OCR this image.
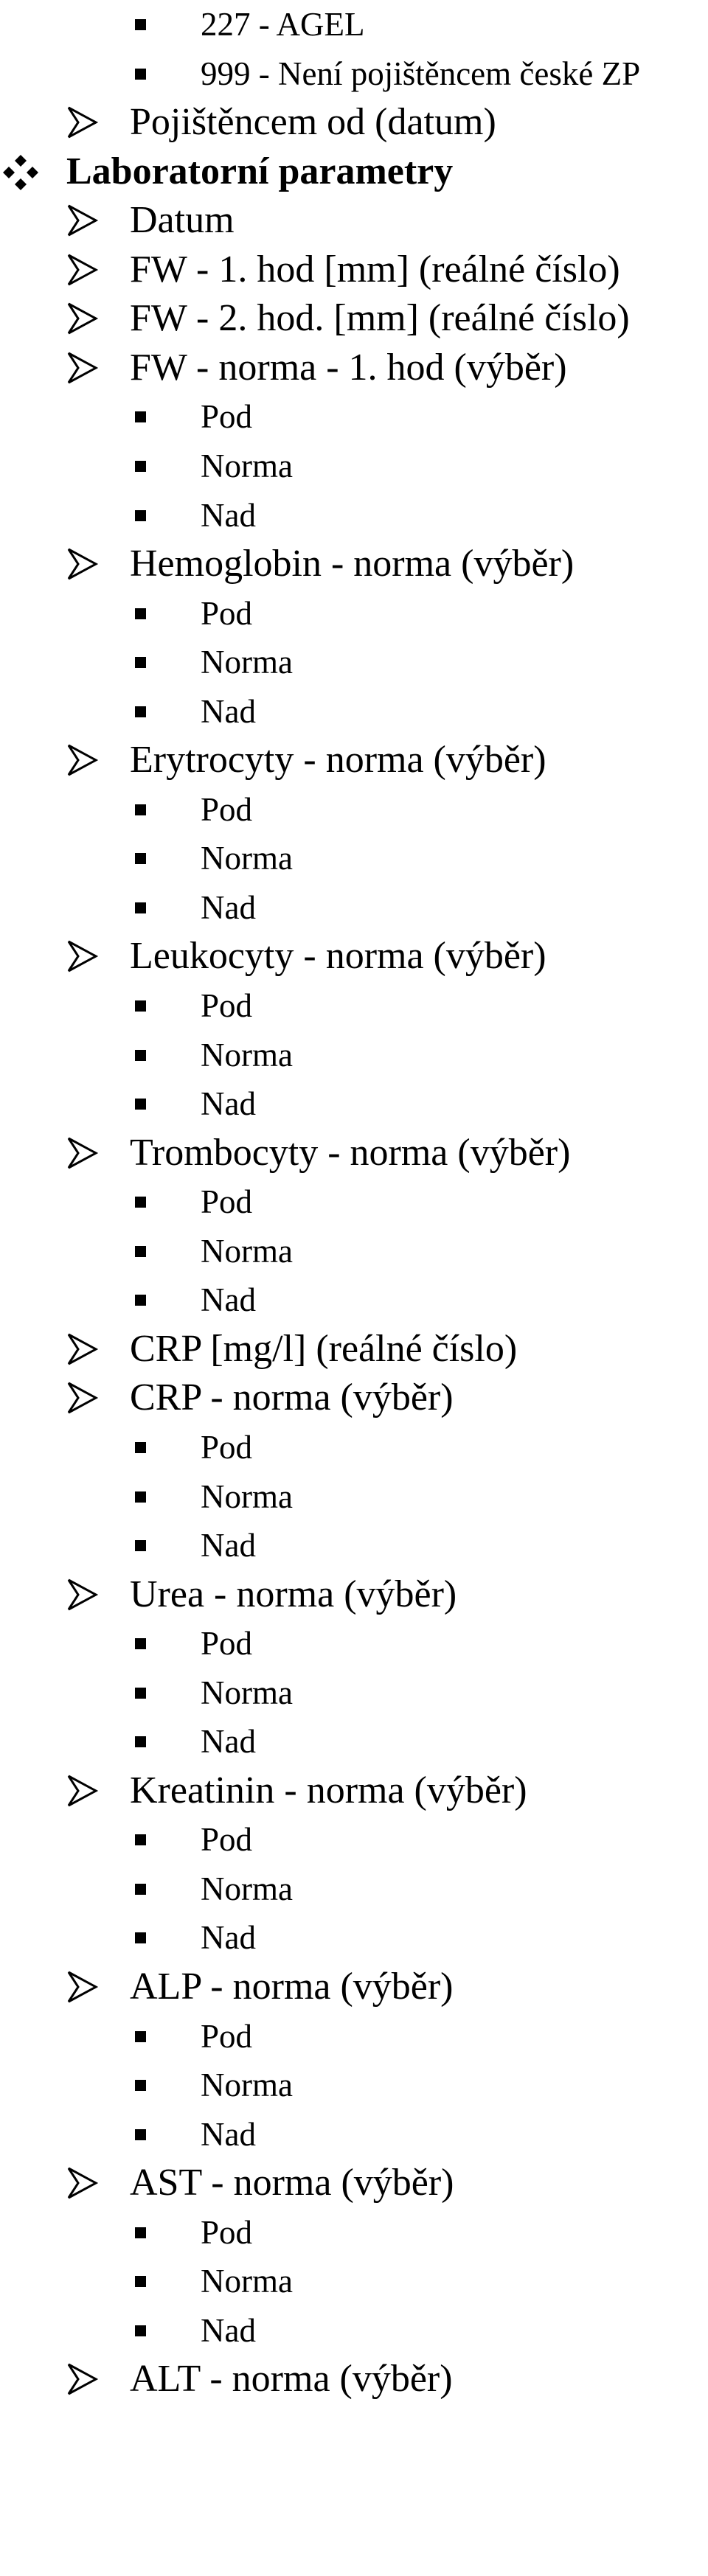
227 - AGEL
999 - Není pojištěncem české ZP
Pojištěncem od (datum)
Laboratorní parametry
Datum
FW - 1. hod [mm] (reálné číslo)
FW - 2. hod. [mm] (reálné číslo)
FW - norma - 1. hod (výběr)
Pod
Norma
Nad
Hemoglobin - norma (výběr)
Pod
Norma
Nad
Erytrocyty - norma (výběr)
Pod
Norma
Nad
Leukocyty - norma (výběr)
Pod
Norma
Nad
Trombocyty - norma (výběr)
Pod
Norma
Nad
CRP [mg/l] (reálné číslo)
CRP - norma (výběr)
Pod
Norma
Nad
Urea - norma (výběr)
Pod
Norma
Nad
Kreatinin - norma (výběr)
Pod
Norma
Nad
ALP - norma (výběr)
Pod
Norma
Nad
AST - norma (výběr)
Pod
Norma
Nad
ALT - norma (výběr)
